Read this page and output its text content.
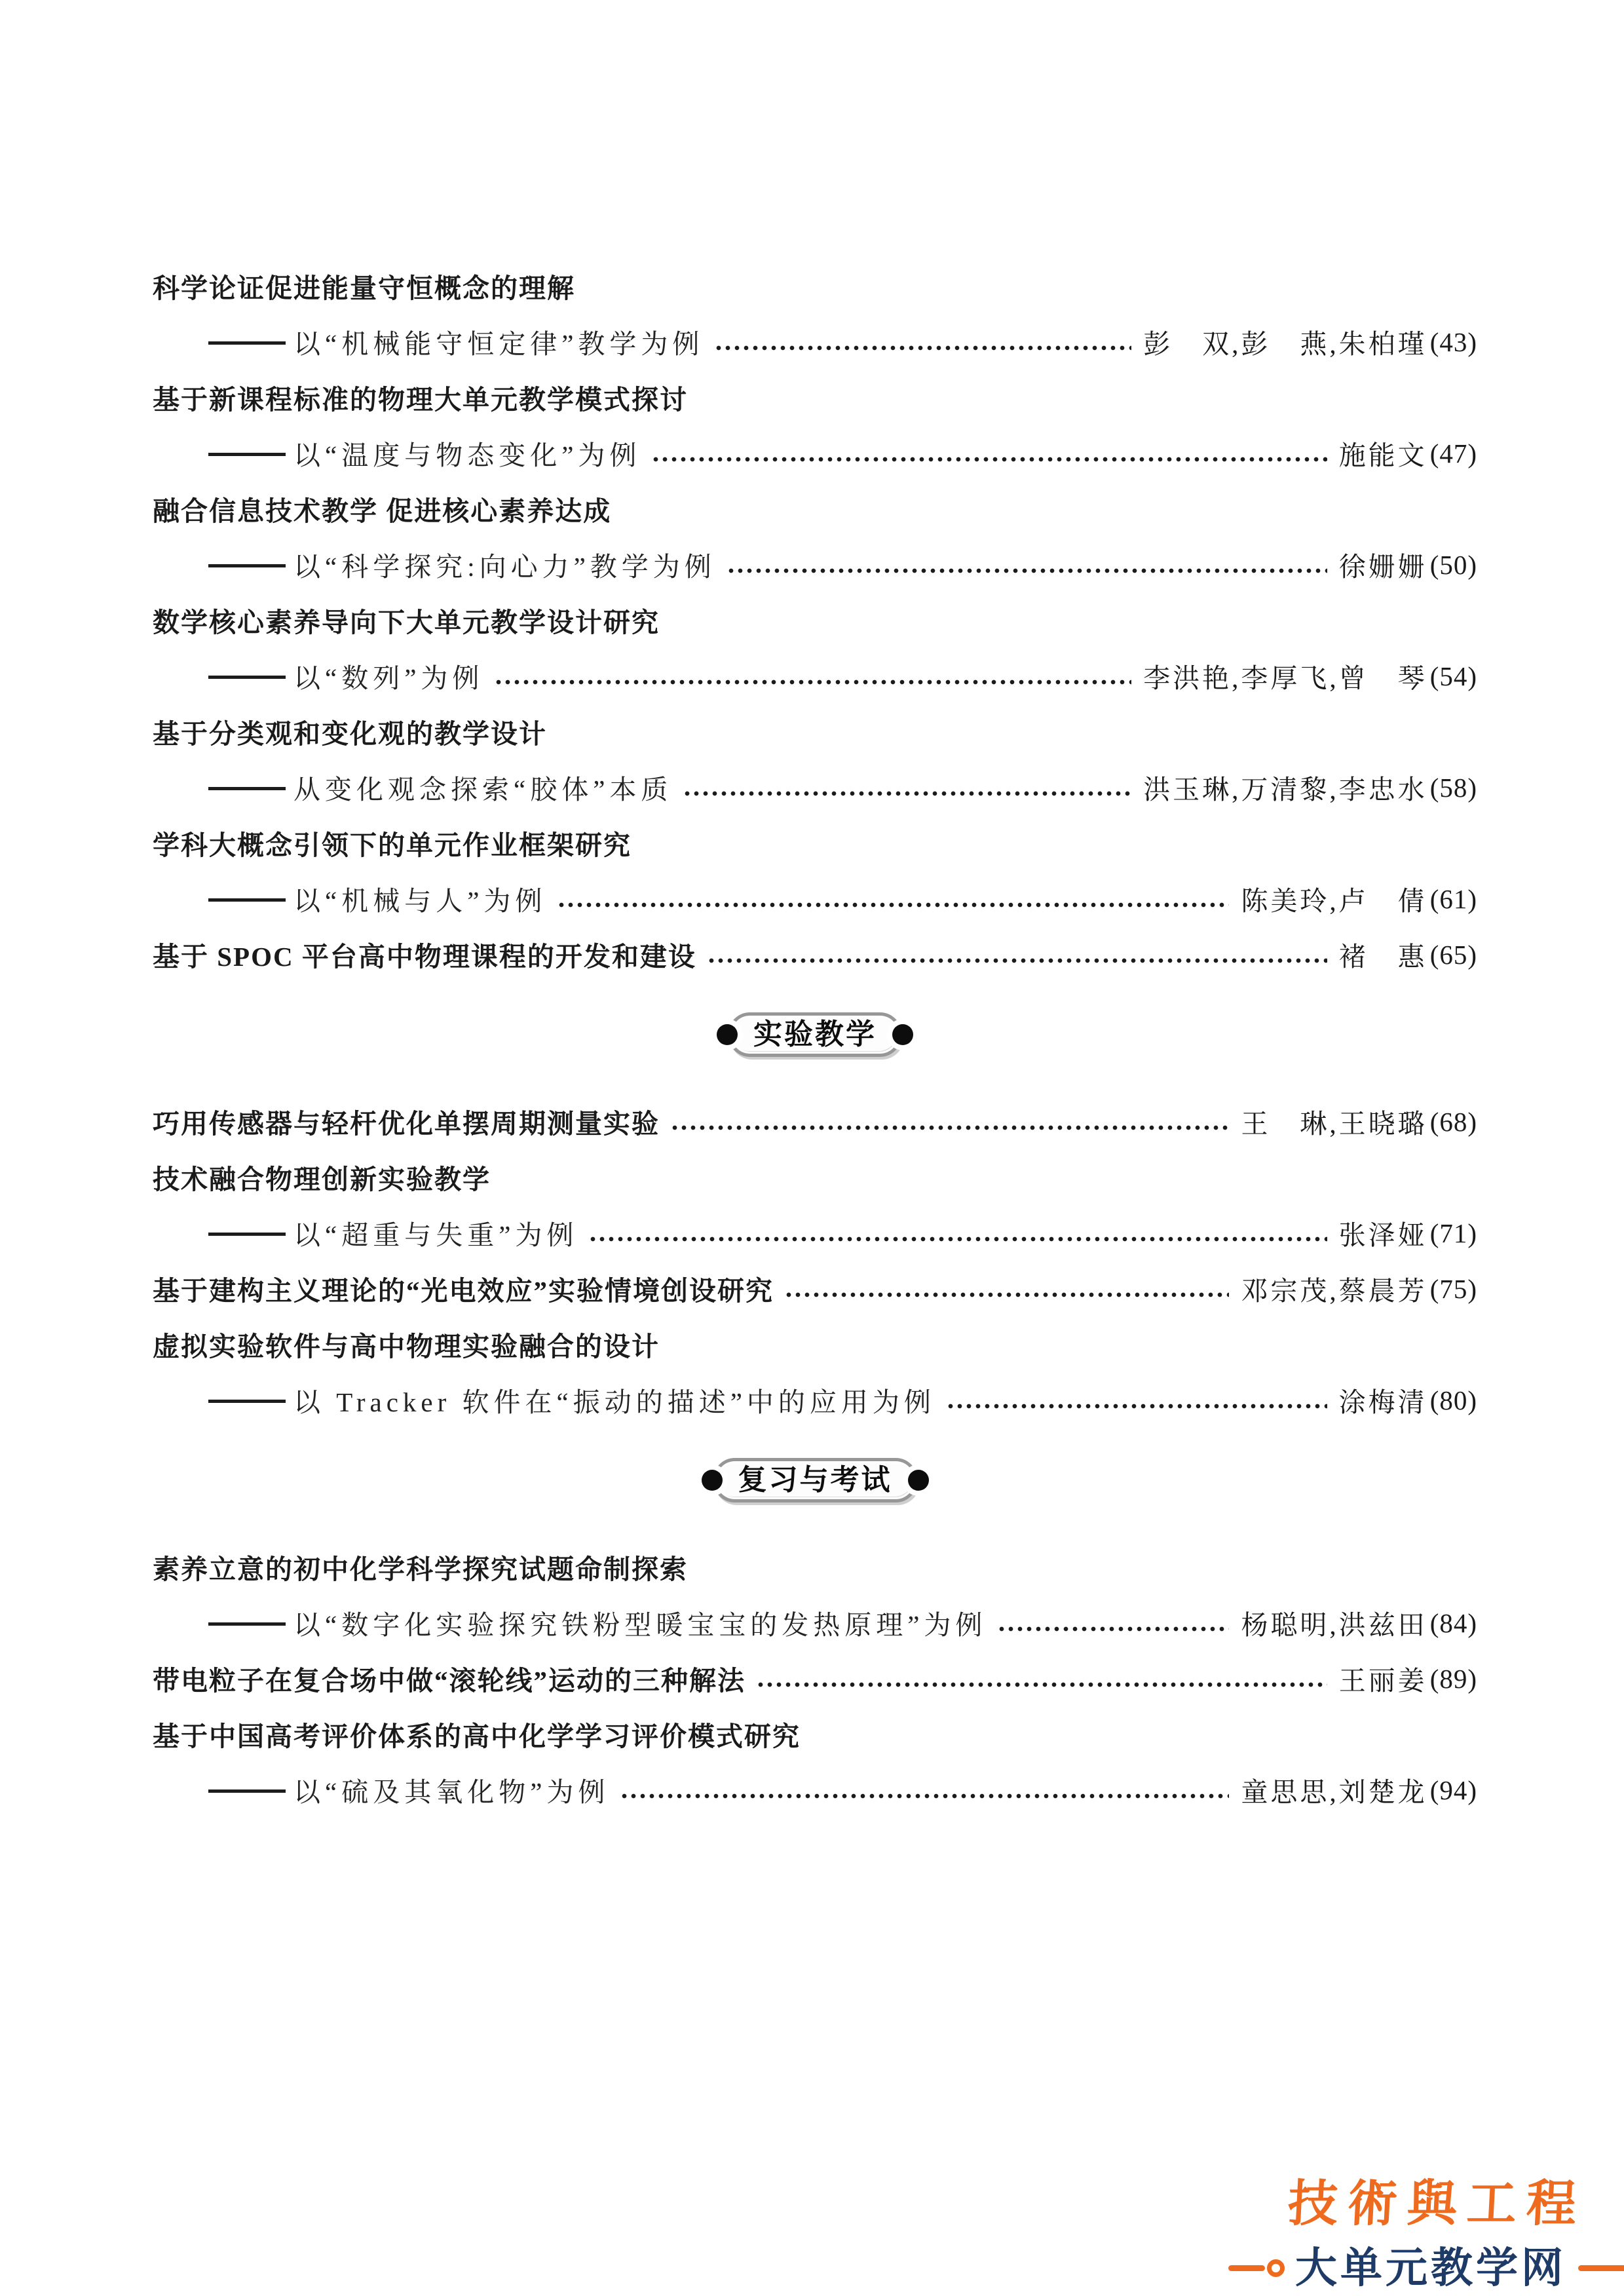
科学论证促进能量守恒概念的理解
以“机械能守恒定律”教学为例	彭　双,彭　燕,朱柏瑾 (43)
基于新课程标准的物理大单元教学模式探讨
以“温度与物态变化”为例	施能文 (47)
融合信息技术教学 促进核心素养达成
以“科学探究:向心力”教学为例	徐姗姗 (50)
数学核心素养导向下大单元教学设计研究
以“数列”为例	李洪艳,李厚飞,曾　琴 (54)
基于分类观和变化观的教学设计
从变化观念探索“胶体”本质	洪玉琳,万清黎,李忠水 (58)
学科大概念引领下的单元作业框架研究
以“机械与人”为例	陈美玲,卢　倩 (61)
基于 SPOC 平台高中物理课程的开发和建设	褚　惠 (65)
实验教学
巧用传感器与轻杆优化单摆周期测量实验	王　琳,王晓璐 (68)
技术融合物理创新实验教学
以“超重与失重”为例	张泽娅 (71)
基于建构主义理论的“光电效应”实验情境创设研究	邓宗茂,蔡晨芳 (75)
虚拟实验软件与高中物理实验融合的设计
以 Tracker 软件在“振动的描述”中的应用为例	涂梅清 (80)
复习与考试
素养立意的初中化学科学探究试题命制探索
以“数字化实验探究铁粉型暖宝宝的发热原理”为例	杨聪明,洪兹田 (84)
带电粒子在复合场中做“滚轮线”运动的三种解法	王丽姜 (89)
基于中国高考评价体系的高中化学学习评价模式研究
以“硫及其氧化物”为例	童思思,刘楚龙 (94)
技術與工程
大单元教学网
